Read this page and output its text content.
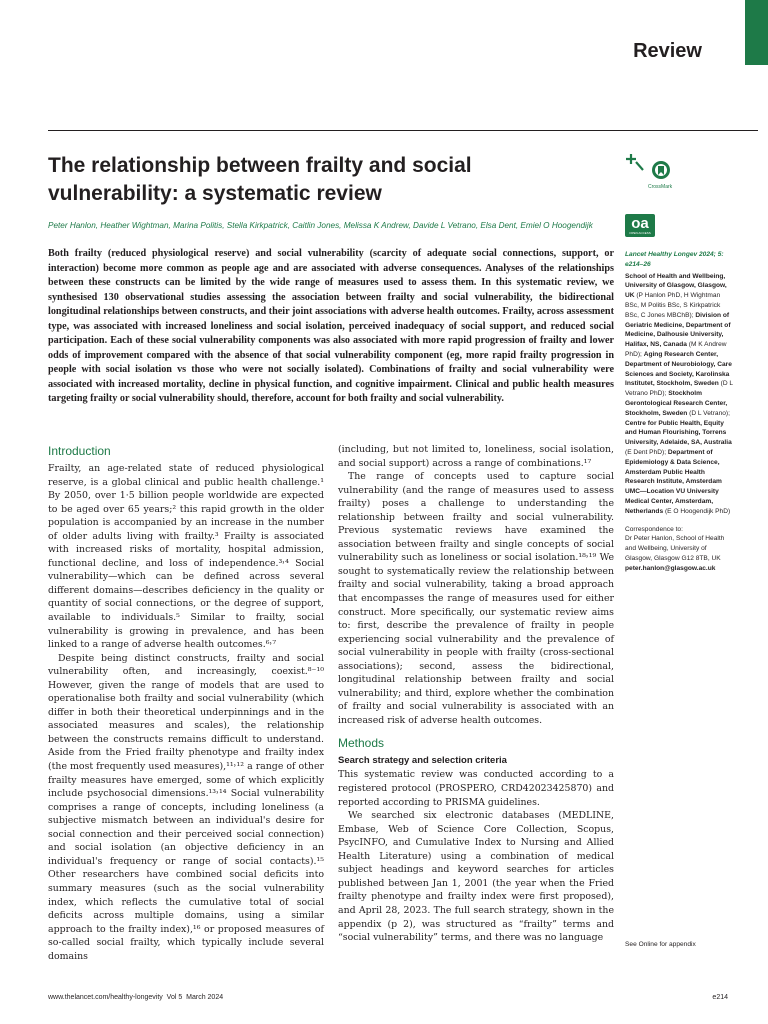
Review
The relationship between frailty and social vulnerability: a systematic review
Peter Hanlon, Heather Wightman, Marina Politis, Stella Kirkpatrick, Caitlin Jones, Melissa K Andrew, Davide L Vetrano, Elsa Dent, Emiel O Hoogendijk
CrossMark
oa
OPEN ACCESS
Both frailty (reduced physiological reserve) and social vulnerability (scarcity of adequate social connections, support, or interaction) become more common as people age and are associated with adverse consequences. Analyses of the relationships between these constructs can be limited by the wide range of measures used to assess them. In this systematic review, we synthesised 130 observational studies assessing the association between frailty and social vulnerability, the bidirectional longitudinal relationships between constructs, and their joint associations with adverse health outcomes. Frailty, across assessment type, was associated with increased loneliness and social isolation, perceived inadequacy of social support, and reduced social participation. Each of these social vulnerability components was also associated with more rapid progression of frailty and lower odds of improvement compared with the absence of that social vulnerability component (eg, more rapid frailty progression in people with social isolation vs those who were not socially isolated). Combinations of frailty and social vulnerability were associated with increased mortality, decline in physical function, and cognitive impairment. Clinical and public health measures targeting frailty or social vulnerability should, therefore, account for both frailty and social vulnerability.
Introduction

Frailty, an age-related state of reduced physiological reserve, is a global clinical and public health challenge.¹ By 2050, over 1·5 billion people worldwide are expected to be aged over 65 years;² this rapid growth in the older population is accompanied by an increase in the number of older adults living with frailty.³ Frailty is associated with increased risks of mortality, hospital admission, functional decline, and loss of independence.³˒⁴ Social vulnerability—which can be defined across several different domains—describes deficiency in the quality or quantity of social connections, or the degree of support, available to individuals.⁵ Similar to frailty, social vulnerability is growing in prevalence, and has been linked to a range of adverse health outcomes.⁶˒⁷

Despite being distinct constructs, frailty and social vulnerability often, and increasingly, coexist.⁸⁻¹⁰ However, given the range of models that are used to operationalise both frailty and social vulnerability (which differ in both their theoretical underpinnings and in the associated measures and scales), the relationship between the constructs remains difficult to understand. Aside from the Fried frailty phenotype and frailty index (the most frequently used measures),¹¹˒¹² a range of other frailty measures have emerged, some of which explicitly include psychosocial dimensions.¹³˒¹⁴ Social vulnerability comprises a range of concepts, including loneliness (a subjective mismatch between an individual's desire for social connection and their perceived social connection) and social isolation (an objective deficiency in an individual's frequency or range of social contacts).¹⁵ Other researchers have combined social deficits into summary measures (such as the social vulnerability index, which reflects the cumulative total of social deficits across multiple domains, using a similar approach to the frailty index),¹⁶ or proposed measures of so-called social frailty, which typically include several domains

(including, but not limited to, loneliness, social isolation, and social support) across a range of combinations.¹⁷

The range of concepts used to capture social vulnerability (and the range of measures used to assess frailty) poses a challenge to understanding the relationship between frailty and social vulnerability. Previous systematic reviews have examined the association between frailty and single concepts of social vulnerability such as loneliness or social isolation.¹⁸˒¹⁹ We sought to systematically review the relationship between frailty and social vulnerability, taking a broad approach that encompasses the range of measures used for either construct. More specifically, our systematic review aims to: first, describe the prevalence of frailty in people experiencing social vulnerability and the prevalence of social vulnerability in people with frailty (cross-sectional associations); second, assess the bidirectional, longitudinal relationship between frailty and social vulnerability; and third, explore whether the combination of frailty and social vulnerability is associated with an increased risk of adverse health outcomes.

Methods
Search strategy and selection criteria

This systematic review was conducted according to a registered protocol (PROSPERO, CRD42023425870) and reported according to PRISMA guidelines.

We searched six electronic databases (MEDLINE, Embase, Web of Science Core Collection, Scopus, PsycINFO, and Cumulative Index to Nursing and Allied Health Literature) using a combination of medical subject headings and keyword searches for articles published between Jan 1, 2001 (the year when the Fried frailty phenotype and frailty index were first proposed), and April 28, 2023. The full search strategy, shown in the appendix (p 2), was structured as “frailty” terms and “social vulnerability” terms, and there was no language

Lancet Healthy Longev 2024; 5: e214–26
School of Health and Wellbeing, University of Glasgow, Glasgow, UK (P Hanlon PhD, H Wightman BSc, M Politis BSc, S Kirkpatrick BSc, C Jones MBChB); Division of Geriatric Medicine, Department of Medicine, Dalhousie University, Halifax, NS, Canada (M K Andrew PhD); Aging Research Center, Department of Neurobiology, Care Sciences and Society, Karolinska Institutet, Stockholm, Sweden (D L Vetrano PhD); Stockholm Gerontological Research Center, Stockholm, Sweden (D L Vetrano); Centre for Public Health, Equity and Human Flourishing, Torrens University, Adelaide, SA, Australia (E Dent PhD); Department of Epidemiology & Data Science, Amsterdam Public Health Research Institute, Amsterdam UMC—Location VU University Medical Center, Amsterdam, Netherlands (E O Hoogendijk PhD)
Correspondence to:
Dr Peter Hanlon, School of Health and Wellbeing, University of Glasgow, Glasgow G12 8TB, UK
peter.hanlon@glasgow.ac.uk
See Online for appendix
www.thelancet.com/healthy-longevity Vol 5 March 2024	e214
